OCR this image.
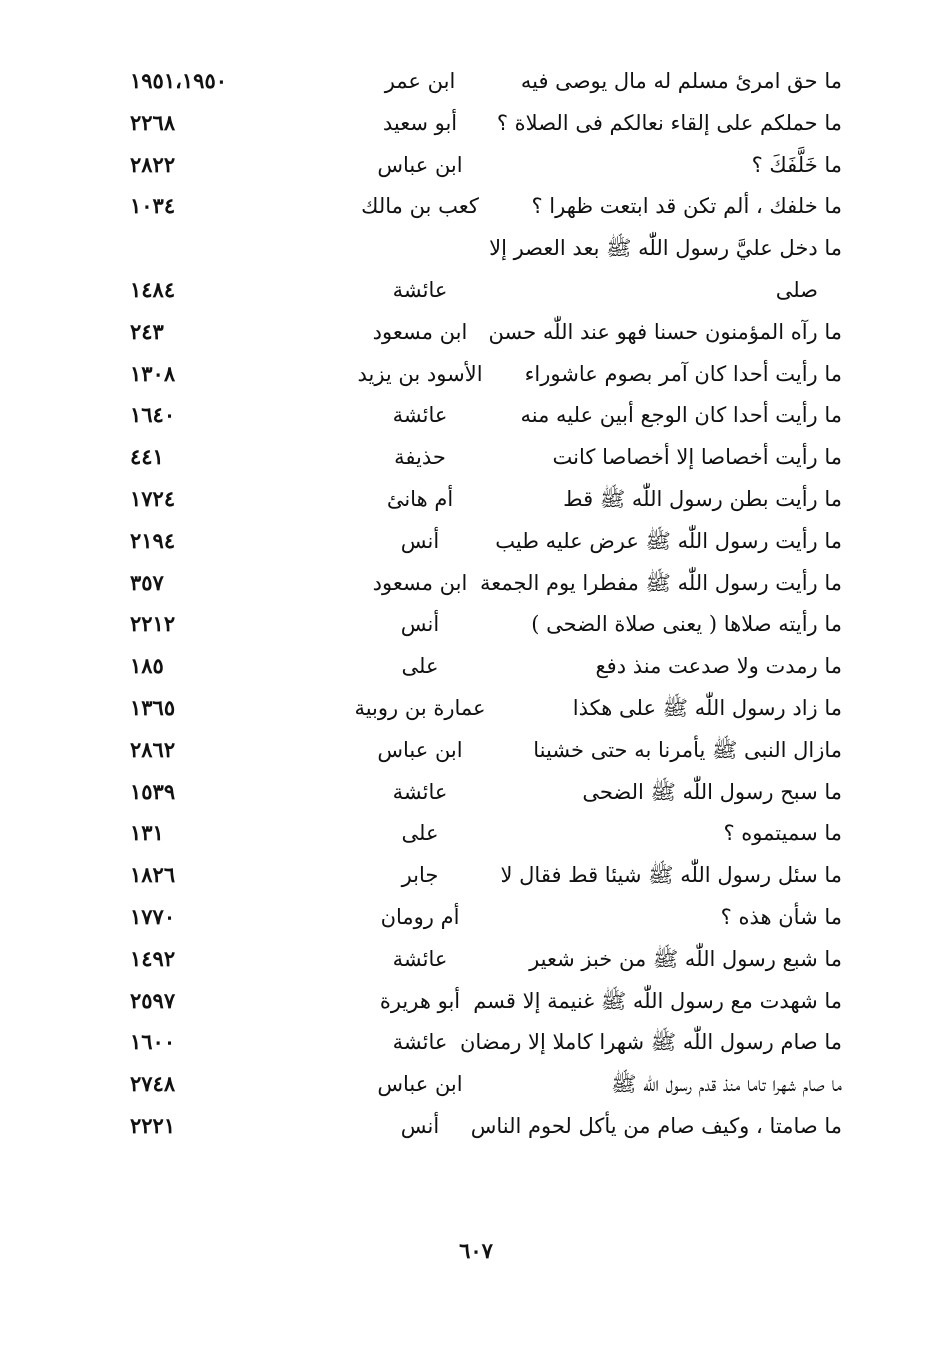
ما حق امرئ مسلم له مال يوصى فيه
ابن عمر
١٩٥١،١٩٥٠
ما حملكم على إلقاء نعالكم فى الصلاة ؟
أبو سعيد
٢٢٦٨
ما خَلَّفَكَ ؟
ابن عباس
٢٨٢٢
ما خلفك ، ألم تكن قد ابتعت ظهرا ؟
كعب بن مالك
١٠٣٤
ما دخل عليَّ رسول اللّٰه ﷺ بعد العصر إلا
صلى
عائشة
١٤٨٤
ما رآه المؤمنون حسنا فهو عند اللّٰه حسن
ابن مسعود
٢٤٣
ما رأيت أحدا كان آمر بصوم عاشوراء
الأسود بن يزيد
١٣٠٨
ما رأيت أحدا كان الوجع أبين عليه منه
عائشة
١٦٤٠
ما رأيت أخصاصا إلا أخصاصا كانت
حذيفة
٤٤١
ما رأيت بطن رسول اللّٰه ﷺ قط
أم هانئ
١٧٢٤
ما رأيت رسول اللّٰه ﷺ عرض عليه طيب
أنس
٢١٩٤
ما رأيت رسول اللّٰه ﷺ مفطرا يوم الجمعة
ابن مسعود
٣٥٧
ما رأيته صلاها ( يعنى صلاة الضحى )
أنس
٢٢١٢
ما رمدت ولا صدعت منذ دفع
على
١٨٥
ما زاد رسول اللّٰه ﷺ على هكذا
عمارة بن روبية
١٣٦٥
مازال النبى ﷺ يأمرنا به حتى خشينا
ابن عباس
٢٨٦٢
ما سبح رسول اللّٰه ﷺ الضحى
عائشة
١٥٣٩
ما سميتموه ؟
على
١٣١
ما سئل رسول اللّٰه ﷺ شيئا قط فقال لا
جابر
١٨٢٦
ما شأن هذه ؟
أم رومان
١٧٧٠
ما شبع رسول اللّٰه ﷺ من خبز شعير
عائشة
١٤٩٢
ما شهدت مع رسول اللّٰه ﷺ غنيمة إلا قسم
أبو هريرة
٢٥٩٧
ما صام رسول اللّٰه ﷺ شهرا كاملا إلا رمضان
عائشة
١٦٠٠
ما صام شهرا تاما منذ قدم رسول اللّٰه ﷺ
ابن عباس
٢٧٤٨
ما صامتا ، وكيف صام من يأكل لحوم الناس
أنس
٢٢٢١
٦٠٧
